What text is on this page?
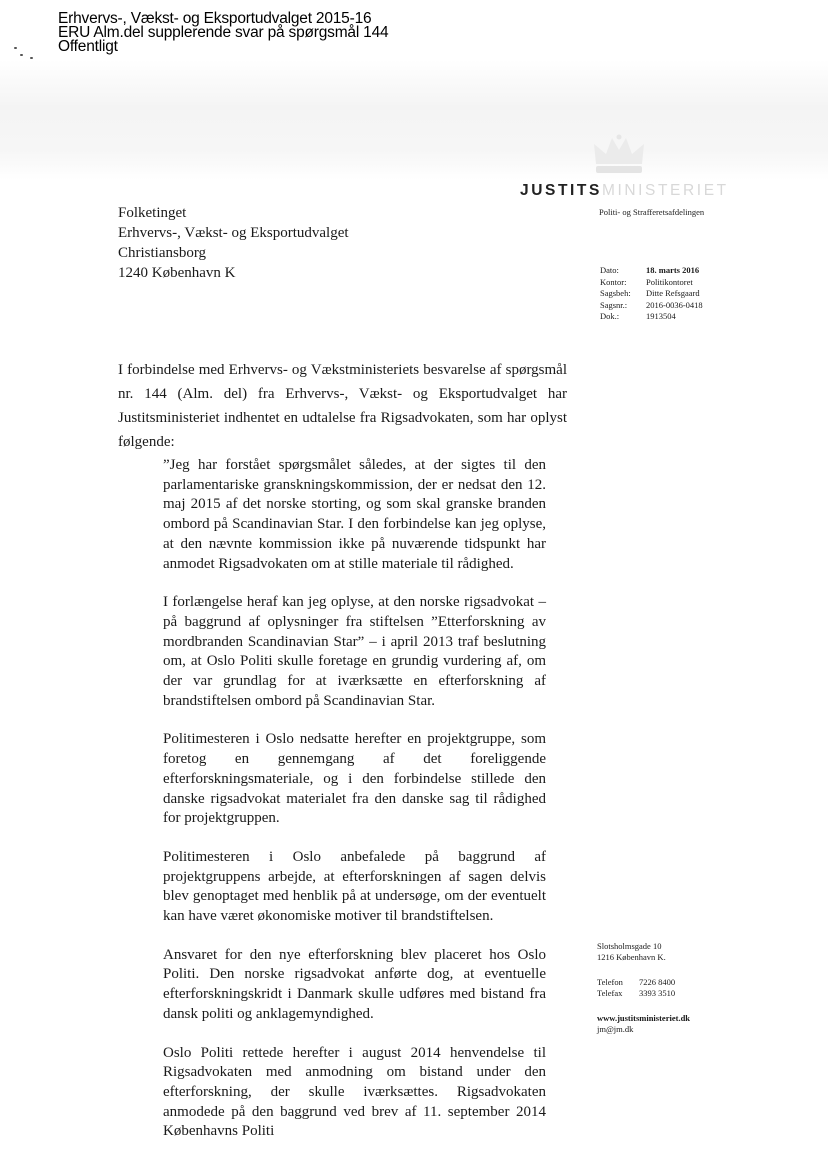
Erhvervs-, Vækst- og Eksportudvalget 2015-16
ERU Alm.del supplerende svar på spørgsmål 144
Offentligt
JUSTITSMINISTERIET
Politi- og Strafferetsafdelingen
Folketinget
Erhvervs-, Vækst- og Eksportudvalget
Christiansborg
1240 København K	Dato:	18. marts 2016
Kontor:	Politikontoret
Sagsbeh:	Ditte Refsgaard
Sagsnr.:	2016-0036-0418
Dok.:	1913504

I forbindelse med Erhvervs- og Vækstministeriets besvarelse af spørgsmål nr. 144 (Alm. del) fra Erhvervs-, Vækst- og Eksportudvalget har Justitsministeriet indhentet en udtalelse fra Rigsadvokaten, som har oplyst følgende:

”Jeg har forstået spørgsmålet således, at der sigtes til den parlamentariske granskningskommission, der er nedsat den 12. maj 2015 af det norske storting, og som skal granske branden ombord på Scandinavian Star. I den forbindelse kan jeg oplyse, at den nævnte kommission ikke på nuværende tidspunkt har anmodet Rigsadvokaten om at stille materiale til rådighed.

I forlængelse heraf kan jeg oplyse, at den norske rigsadvokat – på baggrund af oplysninger fra stiftelsen ”Etterforskning av mordbranden Scandinavian Star” – i april 2013 traf beslutning om, at Oslo Politi skulle foretage en grundig vurdering af, om der var grundlag for at iværksætte en efterforskning af brandstiftelsen ombord på Scandinavian Star.

Politimesteren i Oslo nedsatte herefter en projektgruppe, som foretog en gennemgang af det foreliggende efterforskningsmateriale, og i den forbindelse stillede den danske rigsadvokat materialet fra den danske sag til rådighed for projektgruppen.

Politimesteren i Oslo anbefalede på baggrund af projektgruppens arbejde, at efterforskningen af sagen delvis blev genoptaget med henblik på at undersøge, om der eventuelt kan have været økonomiske motiver til brandstiftelsen.

Ansvaret for den nye efterforskning blev placeret hos Oslo Politi. Den norske rigsadvokat anførte dog, at eventuelle efterforskningskridt i Danmark skulle udføres med bistand fra dansk politi og anklagemyndighed.

Oslo Politi rettede herefter i august 2014 henvendelse til Rigsadvokaten med anmodning om bistand under den efterforskning, der skulle iværksættes. Rigsadvokaten anmodede på den baggrund ved brev af 11. september 2014 Københavns Politi

Slotsholmsgade 10
1216 København K.
Telefon 7226 8400
Telefax 3393 3510
www.justitsministeriet.dk
jm@jm.dk
